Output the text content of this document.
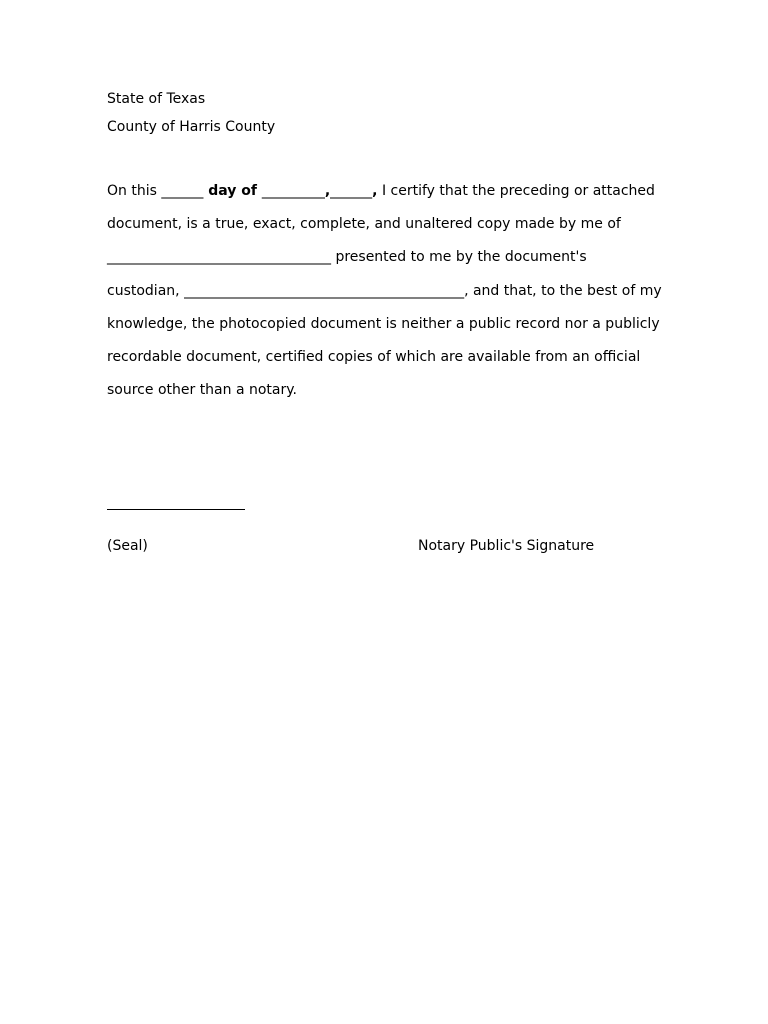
State of Texas
County of Harris County
On this ______ day of _________,______, I certify that the preceding or attached
document, is a true, exact, complete, and unaltered copy made by me of
________________________________ presented to me by the document's
custodian, ________________________________________, and that, to the best of my
knowledge, the photocopied document is neither a public record nor a publicly
recordable document, certified copies of which are available from an official
source other than a notary.
(Seal)	Notary Public's Signature
